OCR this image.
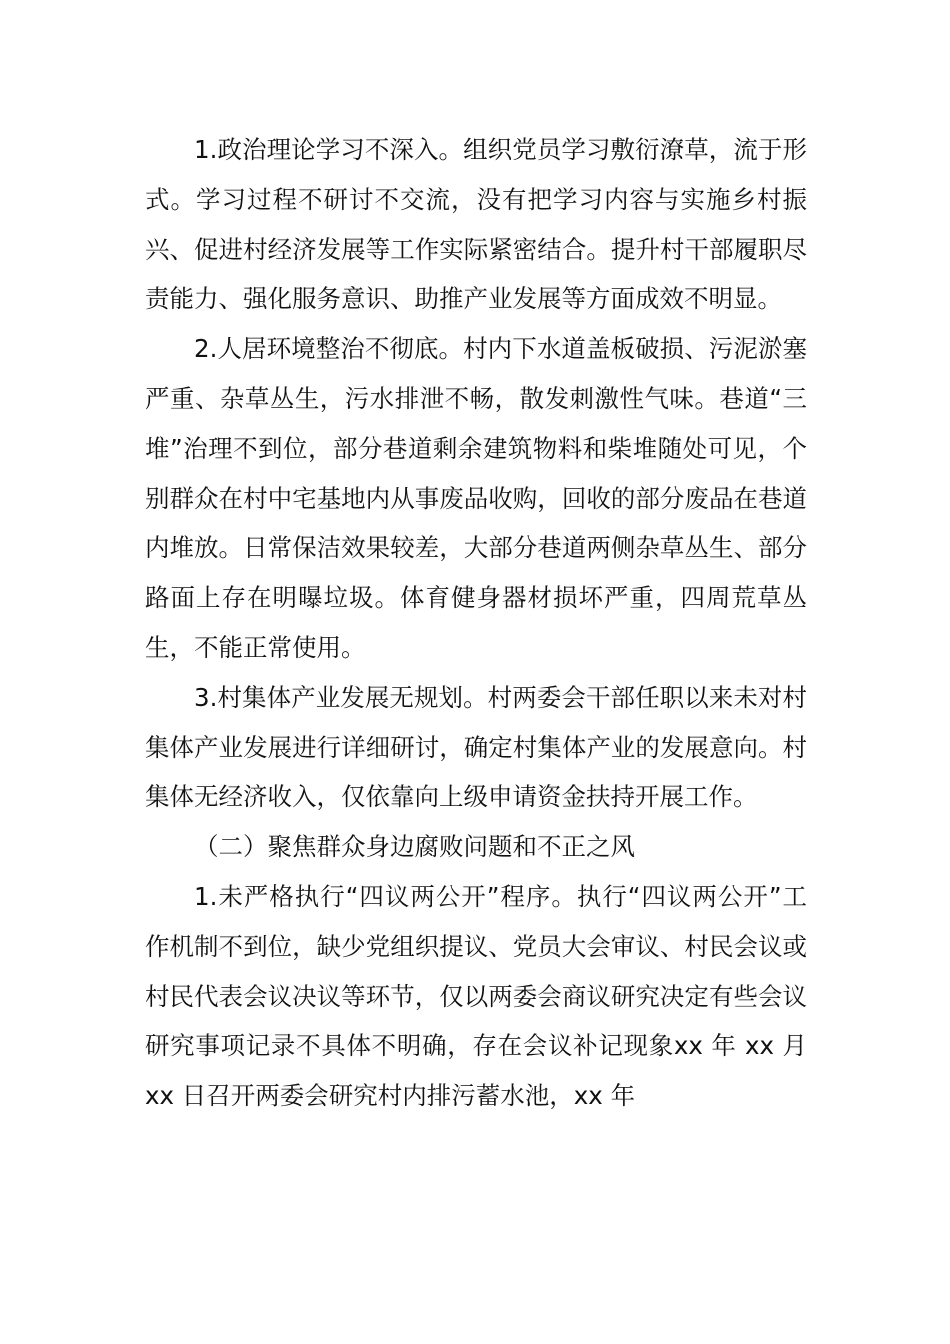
1.政治理论学习不深入。组织党员学习敷衍潦草，流于形式。学习过程不研讨不交流，没有把学习内容与实施乡村振兴、促进村经济发展等工作实际紧密结合。提升村干部履职尽责能力、强化服务意识、助推产业发展等方面成效不明显。

2.人居环境整治不彻底。村内下水道盖板破损、污泥淤塞严重、杂草丛生，污水排泄不畅，散发刺激性气味。巷道“三堆”治理不到位，部分巷道剩余建筑物料和柴堆随处可见，个别群众在村中宅基地内从事废品收购，回收的部分废品在巷道内堆放。日常保洁效果较差，大部分巷道两侧杂草丛生、部分路面上存在明曝垃圾。体育健身器材损坏严重，四周荒草丛生，不能正常使用。

3.村集体产业发展无规划。村两委会干部任职以来未对村集体产业发展进行详细研讨，确定村集体产业的发展意向。村集体无经济收入，仅依靠向上级申请资金扶持开展工作。

（二）聚焦群众身边腐败问题和不正之风

1.未严格执行“四议两公开”程序。执行“四议两公开”工作机制不到位，缺少党组织提议、党员大会审议、村民会议或村民代表会议决议等环节，仅以两委会商议研究决定有些会议研究事项记录不具体不明确，存在会议补记现象xx 年 xx 月 xx 日召开两委会研究村内排污蓄水池，xx 年
